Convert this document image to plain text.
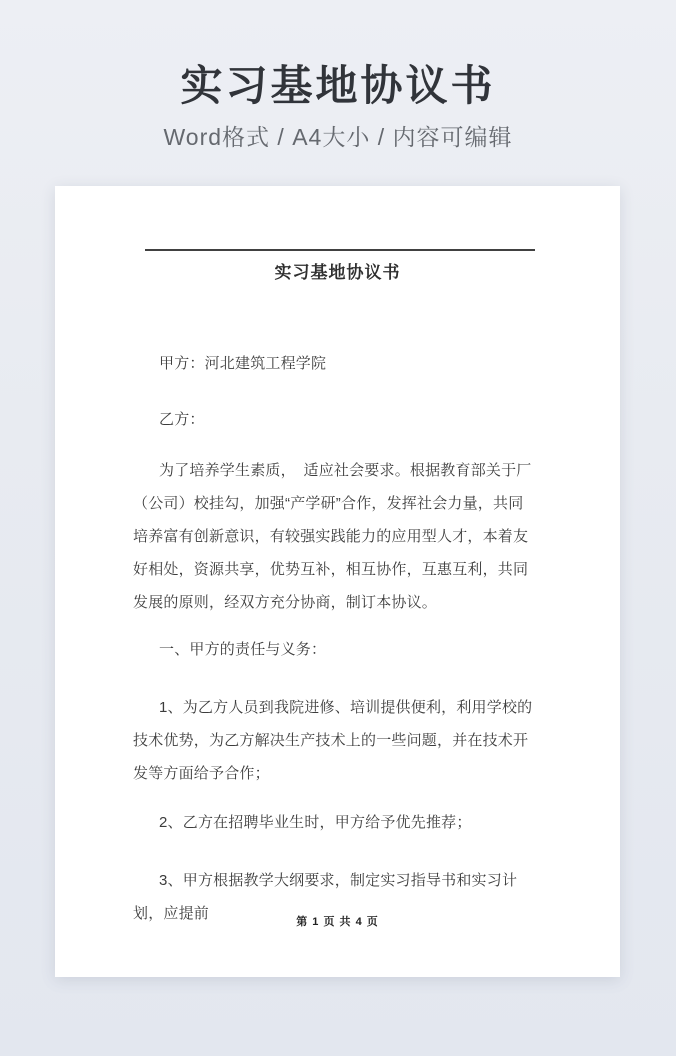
实习基地协议书

Word格式 / A4大小 / 内容可编辑

实习基地协议书

甲方：河北建筑工程学院

乙方：

为了培养学生素质，　适应社会要求。根据教育部关于厂（公司）校挂勾，加强“产学研”合作，发挥社会力量，共同培养富有创新意识，有较强实践能力的应用型人才，本着友好相处，资源共享，优势互补，相互协作，互惠互利，共同发展的原则，经双方充分协商，制订本协议。

一、甲方的责任与义务：

1、为乙方人员到我院进修、培训提供便利，利用学校的技术优势，为乙方解决生产技术上的一些问题，并在技术开发等方面给予合作；

2、乙方在招聘毕业生时，甲方给予优先推荐；

3、甲方根据教学大纲要求，制定实习指导书和实习计划，应提前	第 1 页 共 4 页
